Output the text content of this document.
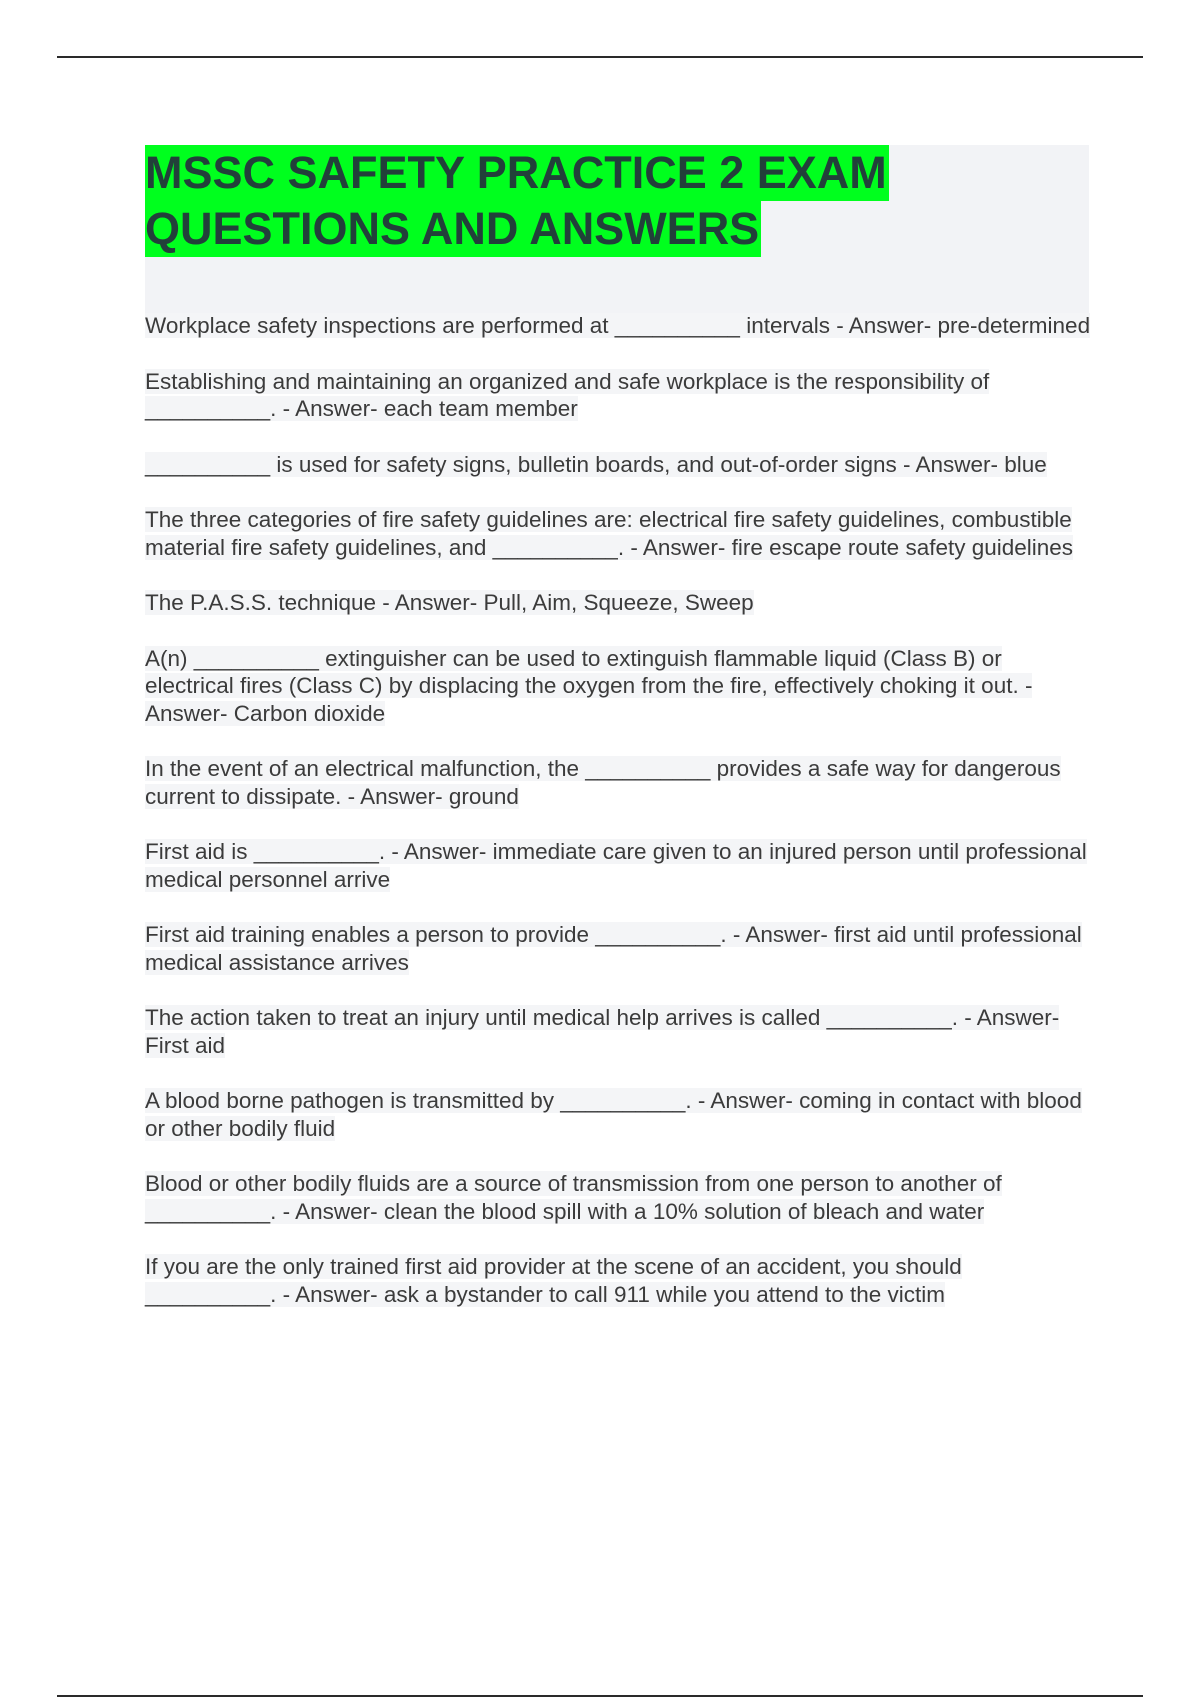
MSSC SAFETY PRACTICE 2 EXAM
QUESTIONS AND ANSWERS

Workplace safety inspections are performed at __________ intervals - Answer- pre-determined

Establishing and maintaining an organized and safe workplace is the responsibility of __________. - Answer- each team member

__________ is used for safety signs, bulletin boards, and out-of-order signs - Answer- blue

The three categories of fire safety guidelines are: electrical fire safety guidelines, combustible material fire safety guidelines, and __________. - Answer- fire escape route safety guidelines

The P.A.S.S. technique - Answer- Pull, Aim, Squeeze, Sweep

A(n) __________ extinguisher can be used to extinguish flammable liquid (Class B) or electrical fires (Class C) by displacing the oxygen from the fire, effectively choking it out. - Answer- Carbon dioxide

In the event of an electrical malfunction, the __________ provides a safe way for dangerous current to dissipate. - Answer- ground

First aid is __________. - Answer- immediate care given to an injured person until professional medical personnel arrive

First aid training enables a person to provide __________. - Answer- first aid until professional medical assistance arrives

The action taken to treat an injury until medical help arrives is called __________. - Answer- First aid

A blood borne pathogen is transmitted by __________. - Answer- coming in contact with blood or other bodily fluid

Blood or other bodily fluids are a source of transmission from one person to another of __________. - Answer- clean the blood spill with a 10% solution of bleach and water

If you are the only trained first aid provider at the scene of an accident, you should __________. - Answer- ask a bystander to call 911 while you attend to the victim
